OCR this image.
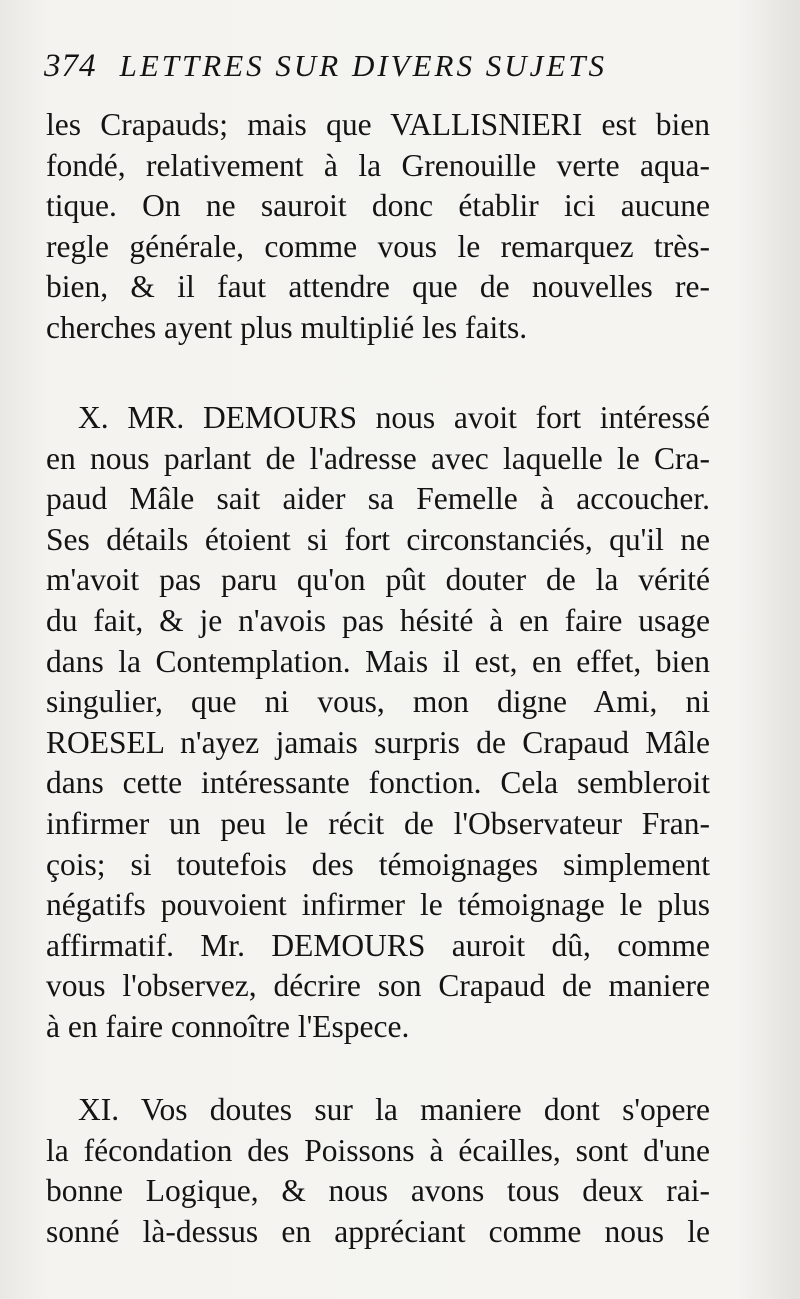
374 LETTRES SUR DIVERS SUJETS
les Crapauds; mais que VALLISNIERI est bien
fondé, relativement à la Grenouille verte aqua-
tique. On ne sauroit donc établir ici aucune
regle générale, comme vous le remarquez très-
bien, & il faut attendre que de nouvelles re-
cherches ayent plus multiplié les faits.
X. MR. DEMOURS nous avoit fort intéressé
en nous parlant de l'adresse avec laquelle le Cra-
paud Mâle sait aider sa Femelle à accoucher.
Ses détails étoient si fort circonstanciés, qu'il ne
m'avoit pas paru qu'on pût douter de la vérité
du fait, & je n'avois pas hésité à en faire usage
dans la Contemplation. Mais il est, en effet, bien
singulier, que ni vous, mon digne Ami, ni
ROESEL n'ayez jamais surpris de Crapaud Mâle
dans cette intéressante fonction. Cela sembleroit
infirmer un peu le récit de l'Observateur Fran-
çois; si toutefois des témoignages simplement
négatifs pouvoient infirmer le témoignage le plus
affirmatif. Mr. DEMOURS auroit dû, comme
vous l'observez, décrire son Crapaud de maniere
à en faire connoître l'Espece.
XI. Vos doutes sur la maniere dont s'opere
la fécondation des Poissons à écailles, sont d'une
bonne Logique, & nous avons tous deux rai-
sonné là-dessus en appréciant comme nous le
